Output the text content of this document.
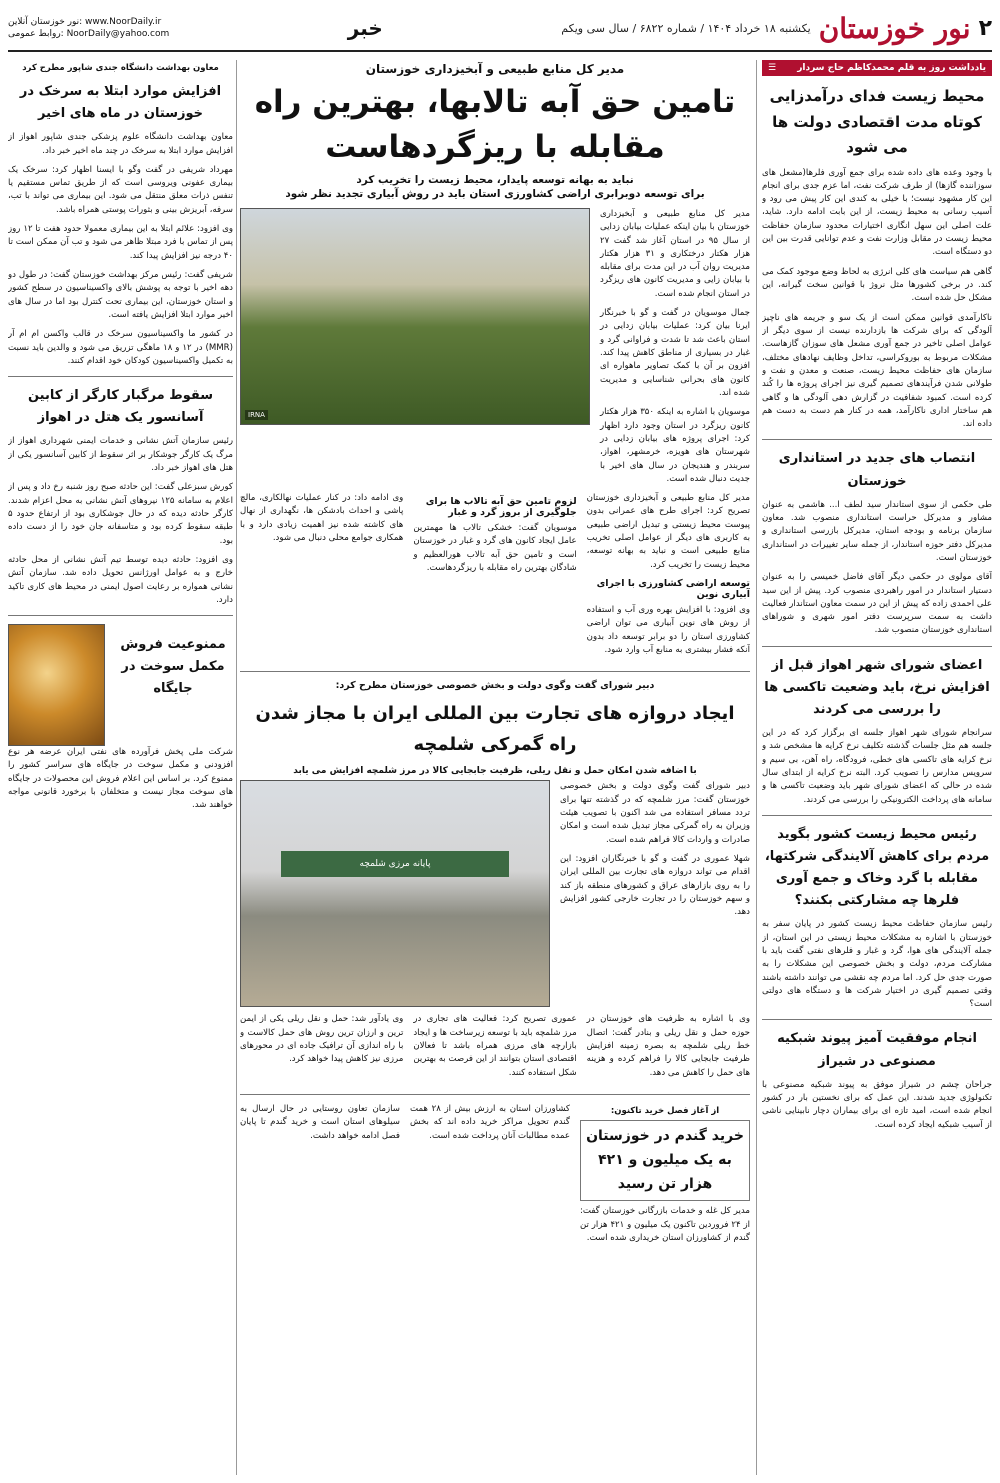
۲
نور خوزستان
یکشنبه ۱۸ خرداد ۱۴۰۴ / شماره ۶۸۲۲ / سال سی ویکم
خبر
نور خوزستان آنلاین: www.NoorDaily.ir
روابط عمومی: NoorDaily@yahoo.com
یادداشت روز به قلم محمدکاظم حاج سردار
☰
محیط زیست فدای درآمدزایی کوتاه مدت اقتصادی دولت ها می شود

با وجود وعده های داده شده برای جمع آوری فلرها(مشعل های سوزاننده گازها) از طرف شرکت نفت، اما عزم جدی برای انجام این کار مشهود نیست؛ با خیلی به کندی این کار پیش می رود و آسیب رسانی به محیط زیست، از این بابت ادامه دارد. شاید، علت اصلی این سهل انگاری اختیارات محدود سازمان حفاظت محیط زیست در مقابل وزارت نفت و عدم توانایی قدرت بین این دو دستگاه است.

گاهی هم سیاست های کلی انرژی به لحاظ وضع موجود کمک می کند. در برخی کشورها مثل نروژ با قوانین سخت گیرانه، این مشکل حل شده است.

ناکارآمدی قوانین ممکن است از یک سو و جریمه های ناچیز آلودگی که برای شرکت ها بازدارنده نیست از سوی دیگر از عوامل اصلی تاخیر در جمع آوری مشعل های سوزان گازهاست. مشکلات مربوط به بوروکراسی، تداخل وظایف نهادهای مختلف، سازمان های حفاظت محیط زیست، صنعت و معدن و نفت و طولانی شدن فرآیندهای تصمیم گیری نیز اجرای پروژه ها را کُند کرده است. کمبود شفافیت در گزارش دهی آلودگی ها و گاهی هم ساختار اداری ناکارآمد، همه در کنار هم دست به دست هم داده اند.

انتصاب های جدید در استانداری خوزستان

طی حکمی از سوی استاندار سید لطف ا... هاشمی به عنوان مشاور و مدیرکل حراست استانداری منصوب شد. معاون سازمان برنامه و بودجه استان، مدیرکل بازرسی استانداری و مدیرکل دفتر حوزه استاندار، از جمله سایر تغییرات در استانداری خوزستان است.

آقای مولوی در حکمی دیگر آقای فاضل خمیسی را به عنوان دستیار استاندار در امور راهبردی منصوب کرد. پیش از این سید علی احمدی زاده که پیش از این در سمت معاون استاندار فعالیت داشت به سمت سرپرست دفتر امور شهری و شوراهای استانداری خوزستان منصوب شد.

اعضای شورای شهر اهواز قبل از افزایش نرخ، باید وضعیت تاکسی ها را بررسی می کردند

سرانجام شورای شهر اهواز جلسه ای برگزار کرد که در این جلسه هم مثل جلسات گذشته تکلیف نرخ کرایه ها مشخص شد و نرخ کرایه های تاکسی های خطی، فرودگاه، راه آهن، بی سیم و سرویس مدارس را تصویب کرد. البته نرخ کرایه از ابتدای سال شده در حالی که اعضای شورای شهر باید وضعیت تاکسی ها و سامانه های پرداخت الکترونیکی را بررسی می کردند.

رئیس محیط زیست کشور بگوید مردم برای کاهش آلایندگی شرکتها، مقابله با گرد وخاک و جمع آوری فلرها چه مشارکتی بکنند؟

رئیس سازمان حفاظت محیط زیست کشور در پایان سفر به خوزستان با اشاره به مشکلات محیط زیستی در این استان، از جمله آلایندگی های هوا، گرد و غبار و فلرهای نفتی گفت باید با مشارکت مردم، دولت و بخش خصوصی این مشکلات را به صورت جدی حل کرد. اما مردم چه نقشی می توانند داشته باشند وقتی تصمیم گیری در اختیار شرکت ها و دستگاه های دولتی است؟

انجام موفقیت آمیز پیوند شبکیه مصنوعی در شیراز

جراحان چشم در شیراز موفق به پیوند شبکیه مصنوعی با تکنولوژی جدید شدند. این عمل که برای نخستین بار در کشور انجام شده است، امید تازه ای برای بیماران دچار نابینایی ناشی از آسیب شبکیه ایجاد کرده است.

مدیر کل منابع طبیعی و آبخیزداری خوزستان
تامین حق آبه تالابها، بهترین راه مقابله با ریزگردهاست
نباید به بهانه توسعه پایدار، محیط زیست را تخریب کرد
برای توسعه دوبرابری اراضی کشاورزی استان باید در روش آبیاری تجدید نظر شود

مدیر کل منابع طبیعی و آبخیزداری خوزستان با بیان اینکه عملیات بیابان زدایی از سال ۹۵ در استان آغاز شد گفت ۲۷ هزار هکتار درختکاری و ۳۱ هزار هکتار مدیریت روان آب در این مدت برای مقابله با بیابان زایی و مدیریت کانون های ریزگرد در استان انجام شده است.

جمال موسویان در گفت و گو با خبرنگار ایرنا بیان کرد: عملیات بیابان زدایی در استان باعث شد تا شدت و فراوانی گرد و غبار در بسیاری از مناطق کاهش پیدا کند. افزون بر آن با کمک تصاویر ماهواره ای کانون های بحرانی شناسایی و مدیریت شده اند.

موسویان با اشاره به اینکه ۳۵۰ هزار هکتار کانون ریزگرد در استان وجود دارد اظهار کرد: اجرای پروژه های بیابان زدایی در شهرستان های هویزه، خرمشهر، اهواز، سربندر و هندیجان در سال های اخیر با جدیت دنبال شده است.

IRNA

مدیر کل منابع طبیعی و آبخیزداری خوزستان تصریح کرد: اجرای طرح های عمرانی بدون پیوست محیط زیستی و تبدیل اراضی طبیعی به کاربری های دیگر از عوامل اصلی تخریب منابع طبیعی است و نباید به بهانه توسعه، محیط زیست را تخریب کرد.

توسعه اراضی کشاورزی با اجرای آبیاری نوین

وی افزود: با افزایش بهره وری آب و استفاده از روش های نوین آبیاری می توان اراضی کشاورزی استان را دو برابر توسعه داد بدون آنکه فشار بیشتری به منابع آب وارد شود.

لزوم تامین حق آبه تالاب ها برای جلوگیری از بروز گرد و غبار

موسویان گفت: خشکی تالاب ها مهمترین عامل ایجاد کانون های گرد و غبار در خوزستان است و تامین حق آبه تالاب هورالعظیم و شادگان بهترین راه مقابله با ریزگردهاست.

وی ادامه داد: در کنار عملیات نهالکاری، مالچ پاشی و احداث بادشکن ها، نگهداری از نهال های کاشته شده نیز اهمیت زیادی دارد و با همکاری جوامع محلی دنبال می شود.

دبیر شورای گفت وگوی دولت و بخش خصوصی خوزستان مطرح کرد:
ایجاد دروازه های تجارت بین المللی ایران با مجاز شدن راه گمرکی شلمچه
با اضافه شدن امکان حمل و نقل ریلی، ظرفیت جابجایی کالا در مرز شلمچه افزایش می یابد

دبیر شورای گفت وگوی دولت و بخش خصوصی خوزستان گفت: مرز شلمچه که در گذشته تنها برای تردد مسافر استفاده می شد اکنون با تصویب هیئت وزیران به راه گمرکی مجاز تبدیل شده است و امکان صادرات و واردات کالا فراهم شده است.

شهلا عموری در گفت و گو با خبرنگاران افزود: این اقدام می تواند دروازه های تجارت بین المللی ایران را به روی بازارهای عراق و کشورهای منطقه باز کند و سهم خوزستان را در تجارت خارجی کشور افزایش دهد.

پایانه مرزی شلمچه

وی با اشاره به ظرفیت های خوزستان در حوزه حمل و نقل ریلی و بنادر گفت: اتصال خط ریلی شلمچه به بصره زمینه افزایش ظرفیت جابجایی کالا را فراهم کرده و هزینه های حمل را کاهش می دهد.

عموری تصریح کرد: فعالیت های تجاری در مرز شلمچه باید با توسعه زیرساخت ها و ایجاد بازارچه های مرزی همراه باشد تا فعالان اقتصادی استان بتوانند از این فرصت به بهترین شکل استفاده کنند.

وی یادآور شد: حمل و نقل ریلی یکی از ایمن ترین و ارزان ترین روش های حمل کالاست و با راه اندازی آن ترافیک جاده ای در محورهای مرزی نیز کاهش پیدا خواهد کرد.

از آغاز فصل خرید تاکنون:
خرید گندم در خوزستان به یک میلیون و ۴۲۱ هزار تن رسید

مدیر کل غله و خدمات بازرگانی خوزستان گفت: از ۲۴ فروردین تاکنون یک میلیون و ۴۲۱ هزار تن گندم از کشاورزان استان خریداری شده است.

کشاورزان استان به ارزش بیش از ۲۸ همت گندم تحویل مراکز خرید داده اند که بخش عمده مطالبات آنان پرداخت شده است.

سازمان تعاون روستایی در حال ارسال به سیلوهای استان است و خرید گندم تا پایان فصل ادامه خواهد داشت.

معاون بهداشت دانشگاه جندی شاپور مطرح کرد
افزایش موارد ابتلا به سرخک در خوزستان در ماه های اخیر

معاون بهداشت دانشگاه علوم پزشکی جندی شاپور اهواز از افزایش موارد ابتلا به سرخک در چند ماه اخیر خبر داد.

مهرداد شریفی در گفت وگو با ایسنا اظهار کرد: سرخک یک بیماری عفونی ویروسی است که از طریق تماس مستقیم یا تنفس ذرات معلق منتقل می شود. این بیماری می تواند با تب، سرفه، آبریزش بینی و بثورات پوستی همراه باشد.

وی افزود: علائم ابتلا به این بیماری معمولا حدود هفت تا ۱۲ روز پس از تماس با فرد مبتلا ظاهر می شود و تب آن ممکن است تا ۴۰ درجه نیز افزایش پیدا کند.

شریفی گفت: رئیس مرکز بهداشت خوزستان گفت: در طول دو دهه اخیر با توجه به پوشش بالای واکسیناسیون در سطح کشور و استان خوزستان، این بیماری تحت کنترل بود اما در سال های اخیر موارد ابتلا افزایش یافته است.

در کشور ما واکسیناسیون سرخک در قالب واکسن ام ام آر (MMR) در ۱۲ و ۱۸ ماهگی تزریق می شود و والدین باید نسبت به تکمیل واکسیناسیون کودکان خود اقدام کنند.

سقوط مرگبار کارگر از کابین آسانسور یک هتل در اهواز

رئیس سازمان آتش نشانی و خدمات ایمنی شهرداری اهواز از مرگ یک کارگر جوشکار بر اثر سقوط از کابین آسانسور یکی از هتل های اهواز خبر داد.

کورش سبزعلی گفت: این حادثه صبح روز شنبه رخ داد و پس از اعلام به سامانه ۱۲۵ نیروهای آتش نشانی به محل اعزام شدند. کارگر حادثه دیده که در حال جوشکاری بود از ارتفاع حدود ۵ طبقه سقوط کرده بود و متاسفانه جان خود را از دست داده بود.

وی افزود: حادثه دیده توسط تیم آتش نشانی از محل حادثه خارج و به عوامل اورژانس تحویل داده شد. سازمان آتش نشانی همواره بر رعایت اصول ایمنی در محیط های کاری تاکید دارد.

ممنوعیت فروش مکمل سوخت در جایگاه

شرکت ملی پخش فرآورده های نفتی ایران عرضه هر نوع افزودنی و مکمل سوخت در جایگاه های سراسر کشور را ممنوع کرد. بر اساس این اعلام فروش این محصولات در جایگاه های سوخت مجاز نیست و متخلفان با برخورد قانونی مواجه خواهند شد.
